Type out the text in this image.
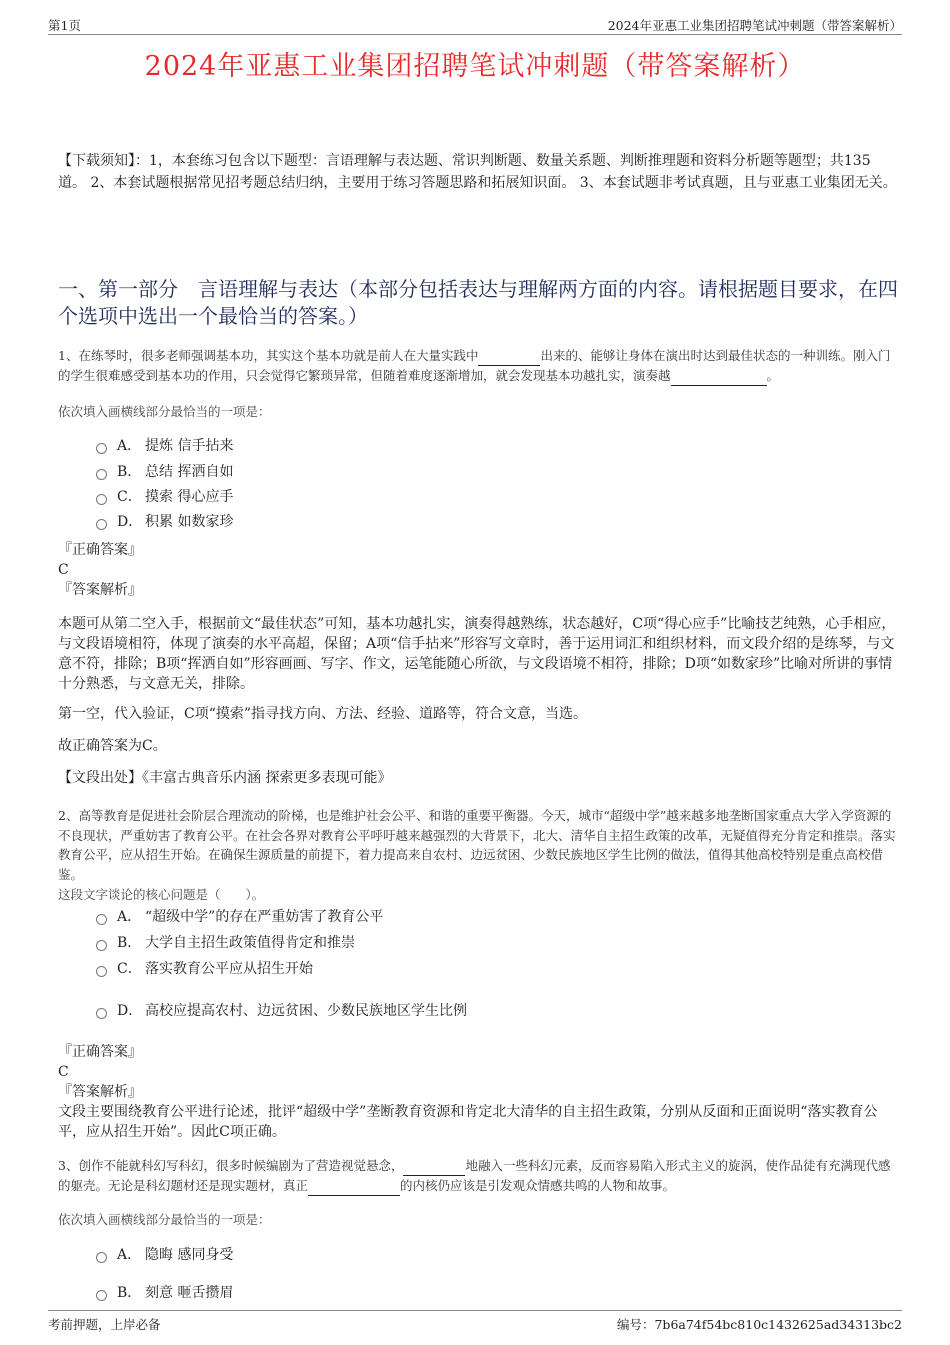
第1页	2024年亚惠工业集团招聘笔试冲刺题（带答案解析）
2024年亚惠工业集团招聘笔试冲刺题（带答案解析）
【下载须知】：1，本套练习包含以下题型：言语理解与表达题、常识判断题、数量关系题、判断推理题和资料分析题等题型；共135道。 2、本套试题根据常见招考题总结归纳，主要用于练习答题思路和拓展知识面。 3、本套试题非考试真题，且与亚惠工业集团无关。
一、第一部分　言语理解与表达（本部分包括表达与理解两方面的内容。请根据题目要求，在四个选项中选出一个最恰当的答案。）
1、在练琴时，很多老师强调基本功，其实这个基本功就是前人在大量实践中	出来的、能够让身体在演出时达到最佳状态的一种训练。刚入门的学生很难感受到基本功的作用，只会觉得它繁琐异常，但随着难度逐渐增加，就会发现基本功越扎实，演奏越	。
依次填入画横线部分最恰当的一项是：
A． 提炼 信手拈来
B． 总结 挥洒自如
C． 摸索 得心应手
D． 积累 如数家珍
『正确答案』
C
『答案解析』
本题可从第二空入手，根据前文“最佳状态”可知，基本功越扎实，演奏得越熟练，状态越好，C项“得心应手”比喻技艺纯熟，心手相应，与文段语境相符，体现了演奏的水平高超，保留；A项“信手拈来”形容写文章时，善于运用词汇和组织材料，而文段介绍的是练琴，与文意不符，排除；B项“挥洒自如”形容画画、写字、作文，运笔能随心所欲，与文段语境不相符，排除；D项“如数家珍”比喻对所讲的事情十分熟悉，与文意无关，排除。
第一空，代入验证，C项“摸索”指寻找方向、方法、经验、道路等，符合文意，当选。
故正确答案为C。
【文段出处】《丰富古典音乐内涵 探索更多表现可能》
2、高等教育是促进社会阶层合理流动的阶梯，也是维护社会公平、和谐的重要平衡器。今天，城市“超级中学”越来越多地垄断国家重点大学入学资源的不良现状，严重妨害了教育公平。在社会各界对教育公平呼吁越来越强烈的大背景下，北大、清华自主招生政策的改革，无疑值得充分肯定和推崇。落实教育公平，应从招生开始。在确保生源质量的前提下，着力提高来自农村、边远贫困、少数民族地区学生比例的做法，值得其他高校特别是重点高校借鉴。
这段文字谈论的核心问题是（　　）。
A． “超级中学”的存在严重妨害了教育公平
B． 大学自主招生政策值得肯定和推崇
C． 落实教育公平应从招生开始
D． 高校应提高农村、边远贫困、少数民族地区学生比例
『正确答案』
C
『答案解析』
文段主要围绕教育公平进行论述，批评“超级中学”垄断教育资源和肯定北大清华的自主招生政策，分别从反面和正面说明“落实教育公平，应从招生开始”。因此C项正确。
3、创作不能就科幻写科幻，很多时候编剧为了营造视觉悬念，	地融入一些科幻元素，反而容易陷入形式主义的旋涡，使作品徒有充满现代感的躯壳。无论是科幻题材还是现实题材，真正	的内核仍应该是引发观众情感共鸣的人物和故事。
依次填入画横线部分最恰当的一项是：
A． 隐晦 感同身受
B． 刻意 咂舌攒眉
考前押题，上岸必备	编号：7b6a74f54bc810c1432625ad34313bc2
